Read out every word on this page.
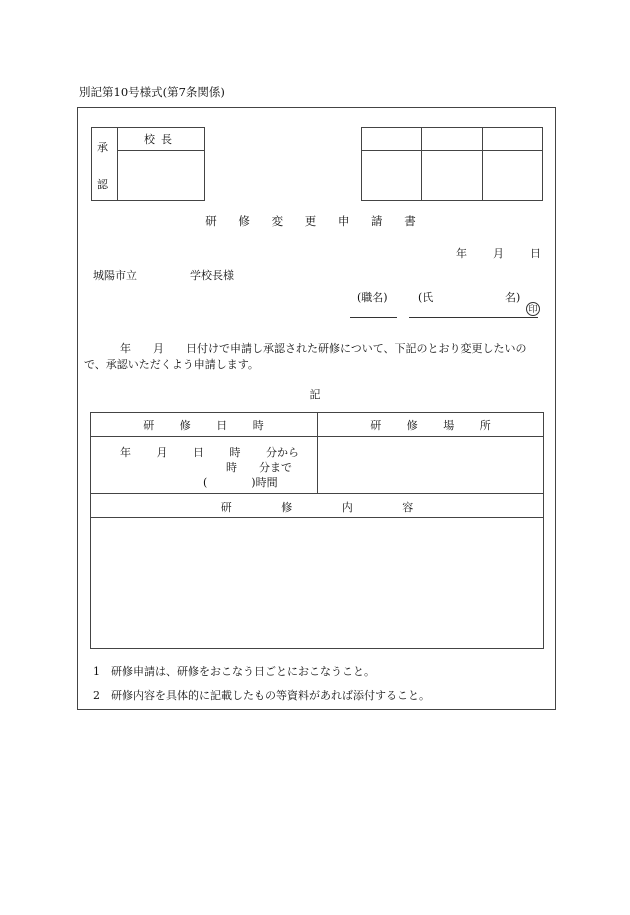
別記第10号様式(第7条関係)
承
認
校長
研 修 変 更 申 請 書
年 月 日
城陽市立	学校長様
(職名)	(氏	名)
印
年　　月　　日付けで申請し承認された研修について、下記のとおり変更したいの
で、承認いただくよう申請します。
記
研 修 日 時	研 修 場 所
年 月 日 時 分から
時　　分まで
(　　　　)時間
研 修 内 容
1　研修申請は、研修をおこなう日ごとにおこなうこと。
2　研修内容を具体的に記載したもの等資料があれば添付すること。
